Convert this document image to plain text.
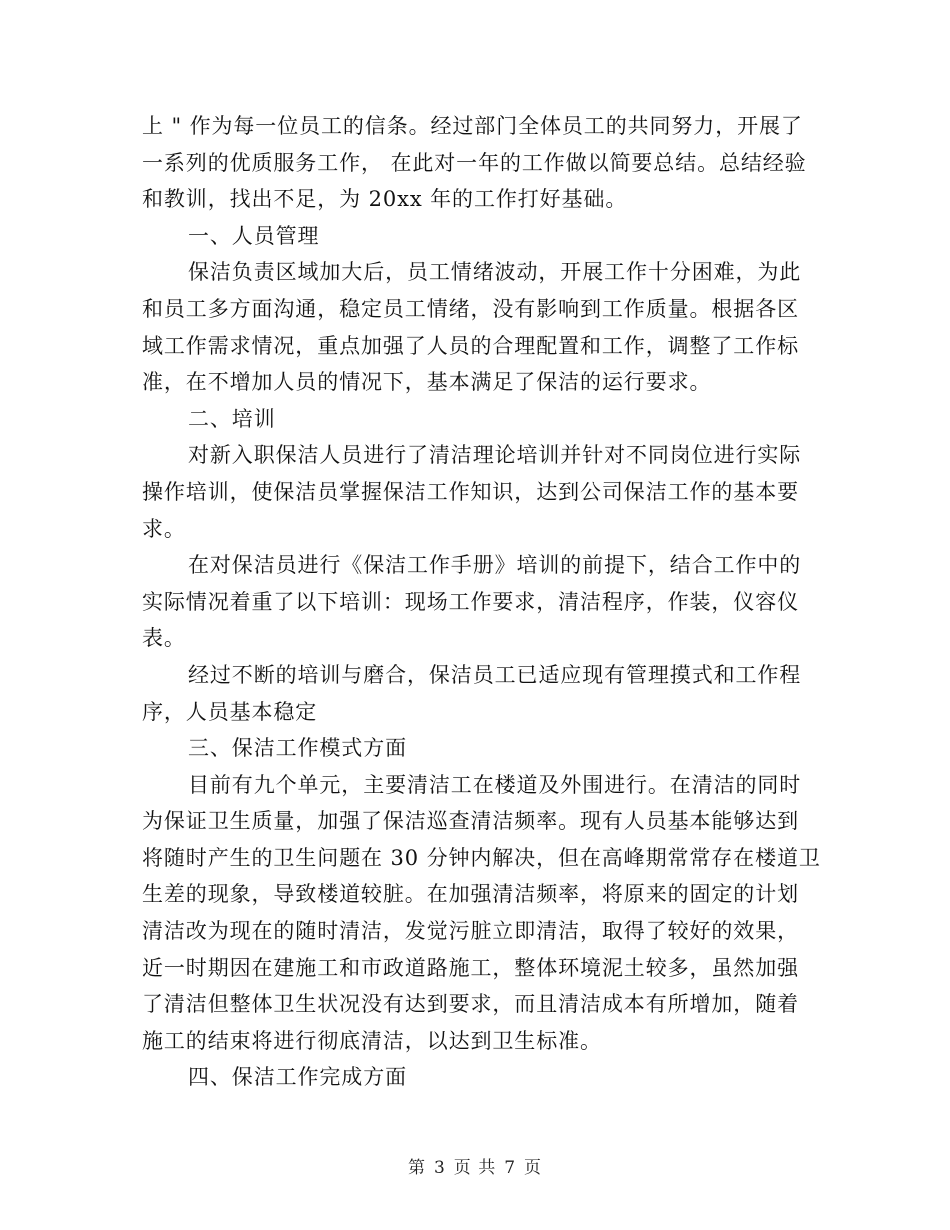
上 " 作为每一位员工的信条。经过部门全体员工的共同努力，开展了
一系列的优质服务工作， 在此对一年的工作做以简要总结。总结经验
和教训，找出不足，为 20xx 年的工作打好基础。
一、人员管理
保洁负责区域加大后，员工情绪波动，开展工作十分困难，为此
和员工多方面沟通，稳定员工情绪，没有影响到工作质量。根据各区
域工作需求情况，重点加强了人员的合理配置和工作，调整了工作标
准，在不增加人员的情况下，基本满足了保洁的运行要求。
二、培训
对新入职保洁人员进行了清洁理论培训并针对不同岗位进行实际
操作培训，使保洁员掌握保洁工作知识，达到公司保洁工作的基本要
求。
在对保洁员进行《保洁工作手册》培训的前提下，结合工作中的
实际情况着重了以下培训：现场工作要求，清洁程序，作装，仪容仪
表。
经过不断的培训与磨合，保洁员工已适应现有管理摸式和工作程
序，人员基本稳定
三、保洁工作模式方面
目前有九个单元，主要清洁工在楼道及外围进行。在清洁的同时
为保证卫生质量，加强了保洁巡查清洁频率。现有人员基本能够达到
将随时产生的卫生问题在 30 分钟内解决，但在高峰期常常存在楼道卫
生差的现象，导致楼道较脏。在加强清洁频率，将原来的固定的计划
清洁改为现在的随时清洁，发觉污脏立即清洁，取得了较好的效果，
近一时期因在建施工和市政道路施工，整体环境泥土较多，虽然加强
了清洁但整体卫生状况没有达到要求，而且清洁成本有所增加，随着
施工的结束将进行彻底清洁，以达到卫生标准。
四、保洁工作完成方面
第 3 页 共 7 页
